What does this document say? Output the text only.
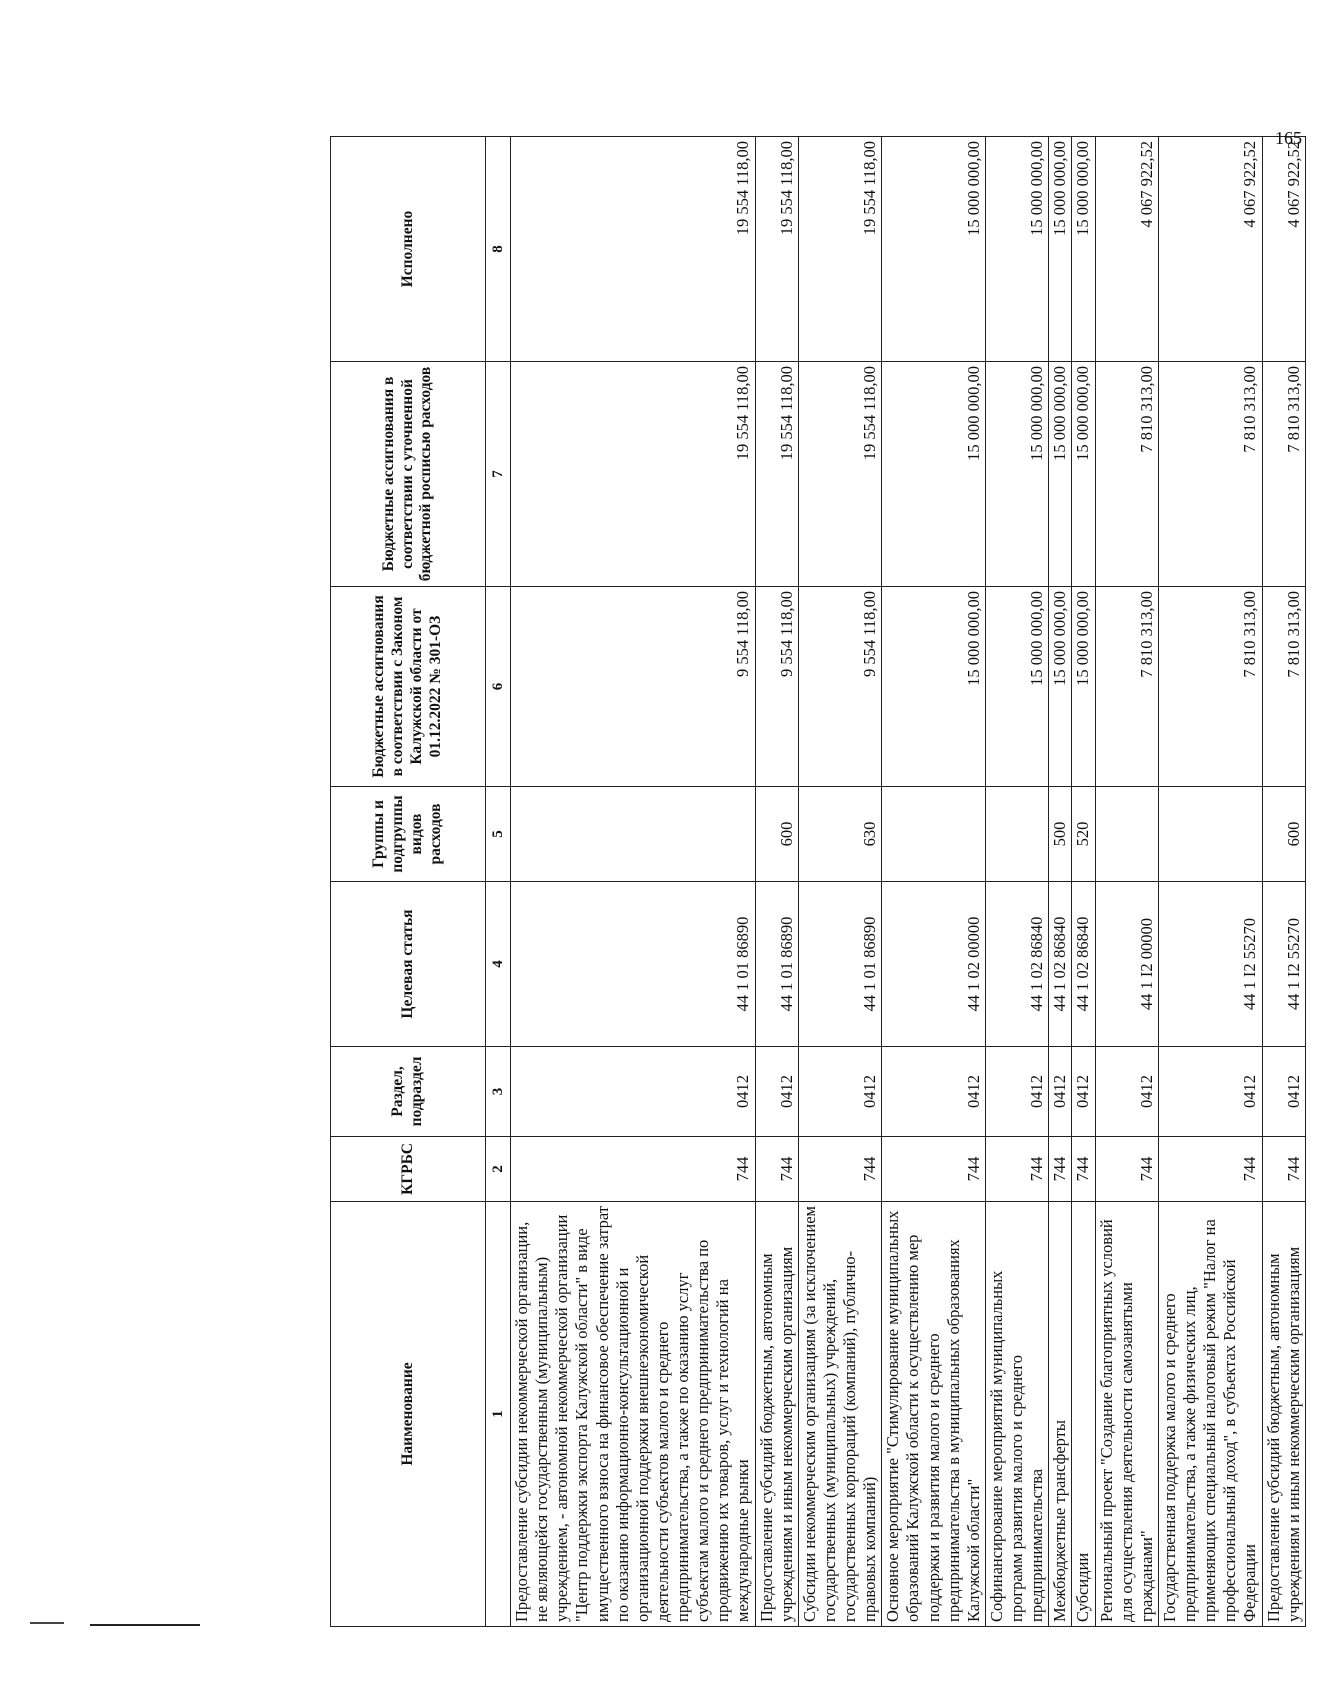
Наименование	КГРБС	Раздел, подраздел	Целевая статья	Группы и подгруппы видов расходов	Бюджетные ассигнования в соответствии с Законом Калужской области от 01.12.2022 № 301-ОЗ	Бюджетные ассигнования в соответствии с уточненной бюджетной росписью расходов	Исполнено
1	2	3	4	5	6	7	8
Предоставление субсидии некоммерческой организации, не являющейся государственным (муниципальным) учреждением, - автономной некоммерческой организации "Центр поддержки экспорта Калужской области" в виде имущественного взноса на финансовое обеспечение затрат по оказанию информационно-консультационной и организационной поддержки внешнеэкономической деятельности субъектов малого и среднего предпринимательства, а также по оказанию услуг субъектам малого и среднего предпринимательства по продвижению их товаров, услуг и технологий на международные рынки	744	0412	44 1 01 86890		9 554 118,00	19 554 118,00	19 554 118,00
Предоставление субсидий бюджетным, автономным учреждениям и иным некоммерческим организациям	744	0412	44 1 01 86890	600	9 554 118,00	19 554 118,00	19 554 118,00
Субсидии некоммерческим организациям (за исключением государственных (муниципальных) учреждений, государственных корпораций (компаний), публично-правовых компаний)	744	0412	44 1 01 86890	630	9 554 118,00	19 554 118,00	19 554 118,00
Основное мероприятие "Стимулирование муниципальных образований Калужской области к осуществлению мер поддержки и развития малого и среднего предпринимательства в муниципальных образованиях Калужской области"	744	0412	44 1 02 00000		15 000 000,00	15 000 000,00	15 000 000,00
Софинансирование мероприятий муниципальных программ развития малого и среднего предпринимательства	744	0412	44 1 02 86840		15 000 000,00	15 000 000,00	15 000 000,00
Межбюджетные трансферты	744	0412	44 1 02 86840	500	15 000 000,00	15 000 000,00	15 000 000,00
Субсидии	744	0412	44 1 02 86840	520	15 000 000,00	15 000 000,00	15 000 000,00
Региональный проект "Создание благоприятных условий для осуществления деятельности самозанятыми гражданами"	744	0412	44 1 I2 00000		7 810 313,00	7 810 313,00	4 067 922,52
Государственная поддержка малого и среднего предпринимательства, а также физических лиц, применяющих специальный налоговый режим "Налог на профессиональный доход", в субъектах Российской Федерации	744	0412	44 1 I2 55270		7 810 313,00	7 810 313,00	4 067 922,52
Предоставление субсидий бюджетным, автономным учреждениям и иным некоммерческим организациям	744	0412	44 1 I2 55270	600	7 810 313,00	7 810 313,00	4 067 922,52
165
